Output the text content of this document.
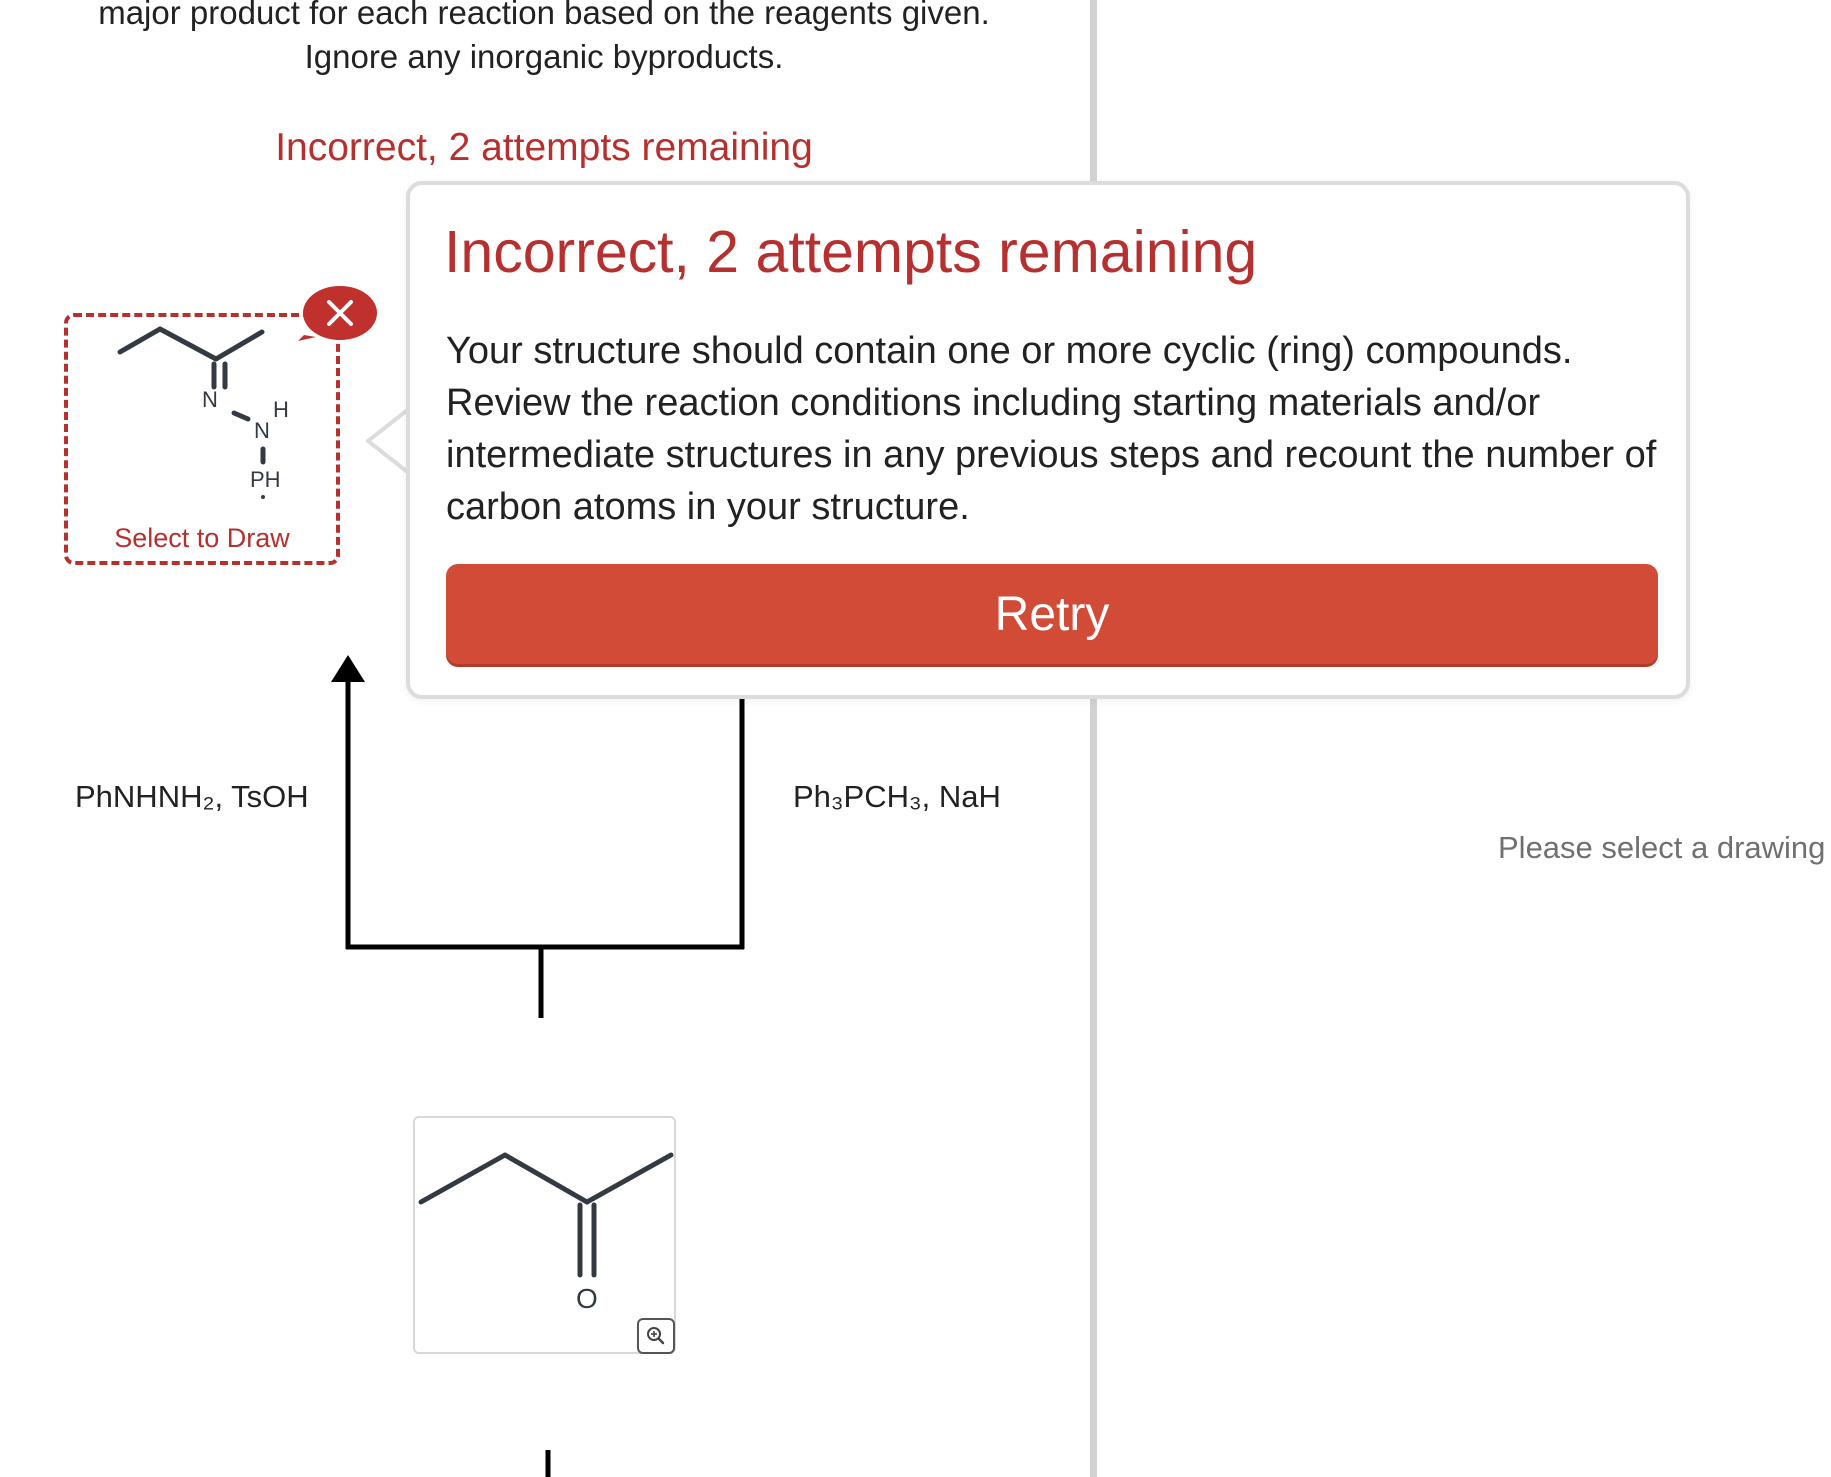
major product for each reaction based on the reagents given.
Ignore any inorganic byproducts.
Incorrect, 2 attempts remaining
Please select a drawing
PhNHNH₂, TsOH	Ph₃PCH₃, NaH
N	H
N
PH
Select to Draw
O
Incorrect, 2 attempts remaining
Your structure should contain one or more cyclic (ring) compounds. Review the reaction conditions including starting materials and/or intermediate structures in any previous steps and recount the number of carbon atoms in your structure.
Retry
